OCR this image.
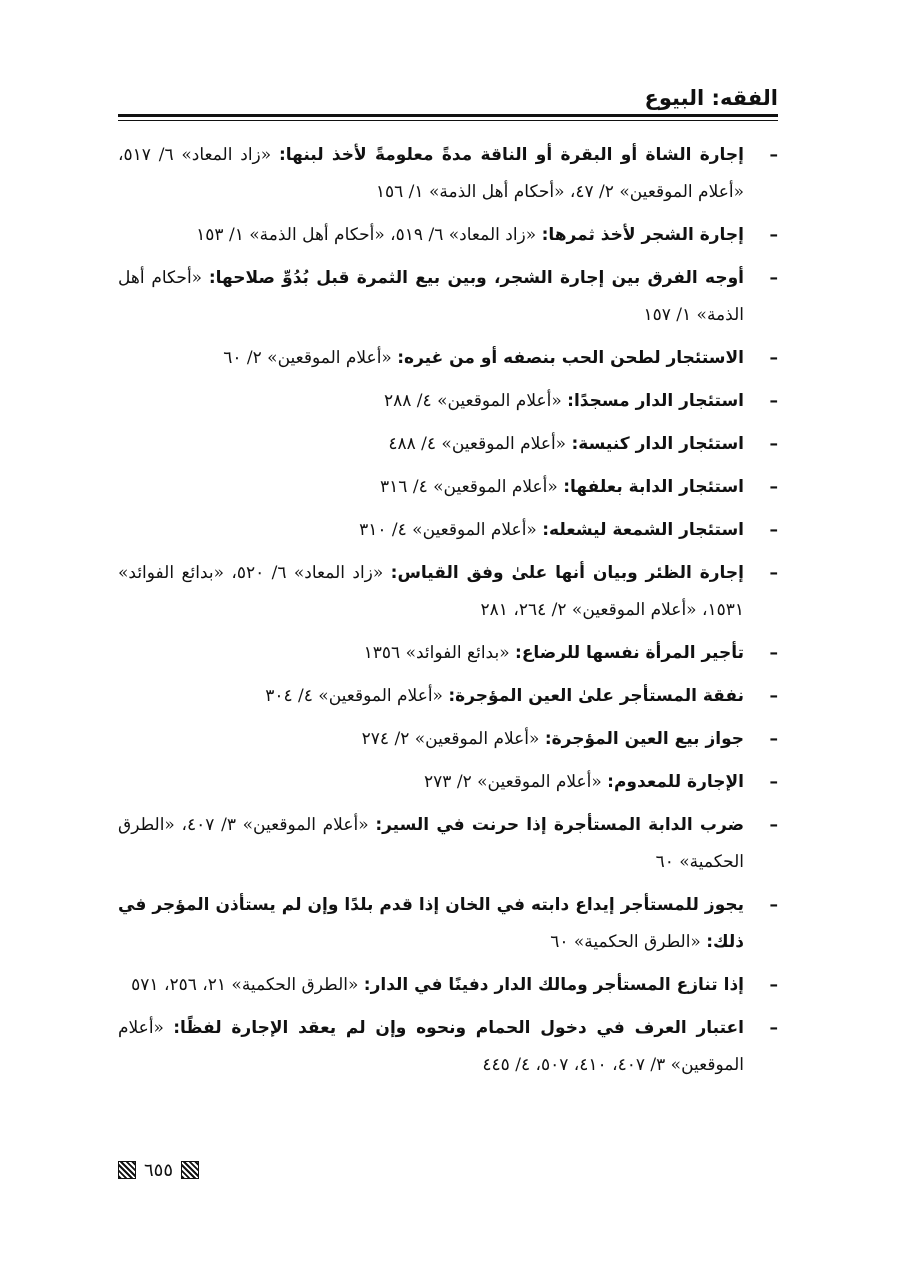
الفقه: البيوع
–
إجارة الشاة أو البقرة أو الناقة مدةً معلومةً لأخذ لبنها: «زاد المعاد» ٦/ ٥١٧، «أعلام الموقعين» ٢/ ٤٧، «أحكام أهل الذمة» ١/ ١٥٦
–
إجارة الشجر لأخذ ثمرها: «زاد المعاد» ٦/ ٥١٩، «أحكام أهل الذمة» ١/ ١٥٣
–
أوجه الفرق بين إجارة الشجر، وبين بيع الثمرة قبل بُدُوِّ صلاحها: «أحكام أهل الذمة» ١/ ١٥٧
–
الاستئجار لطحن الحب بنصفه أو من غيره: «أعلام الموقعين» ٢/ ٦٠
–
استئجار الدار مسجدًا: «أعلام الموقعين» ٤/ ٢٨٨
–
استئجار الدار كنيسة: «أعلام الموقعين» ٤/ ٤٨٨
–
استئجار الدابة بعلفها: «أعلام الموقعين» ٤/ ٣١٦
–
استئجار الشمعة ليشعله: «أعلام الموقعين» ٤/ ٣١٠
–
إجارة الظئر وبيان أنها علىٰ وفق القياس: «زاد المعاد» ٦/ ٥٢٠، «بدائع الفوائد» ١٥٣١، «أعلام الموقعين» ٢/ ٢٦٤، ٢٨١
–
تأجير المرأة نفسها للرضاع: «بدائع الفوائد» ١٣٥٦
–
نفقة المستأجر علىٰ العين المؤجرة: «أعلام الموقعين» ٤/ ٣٠٤
–
جواز بيع العين المؤجرة: «أعلام الموقعين» ٢/ ٢٧٤
–
الإجارة للمعدوم: «أعلام الموقعين» ٢/ ٢٧٣
–
ضرب الدابة المستأجرة إذا حرنت في السير: «أعلام الموقعين» ٣/ ٤٠٧، «الطرق الحكمية» ٦٠
–
يجوز للمستأجر إيداع دابته في الخان إذا قدم بلدًا وإن لم يستأذن المؤجر في ذلك: «الطرق الحكمية» ٦٠
–
إذا تنازع المستأجر ومالك الدار دفينًا في الدار: «الطرق الحكمية» ٢١، ٢٥٦، ٥٧١
–
اعتبار العرف في دخول الحمام ونحوه وإن لم يعقد الإجارة لفظًا: «أعلام الموقعين» ٣/ ٤٠٧، ٤١٠، ٥٠٧، ٤/ ٤٤٥
٦٥٥
